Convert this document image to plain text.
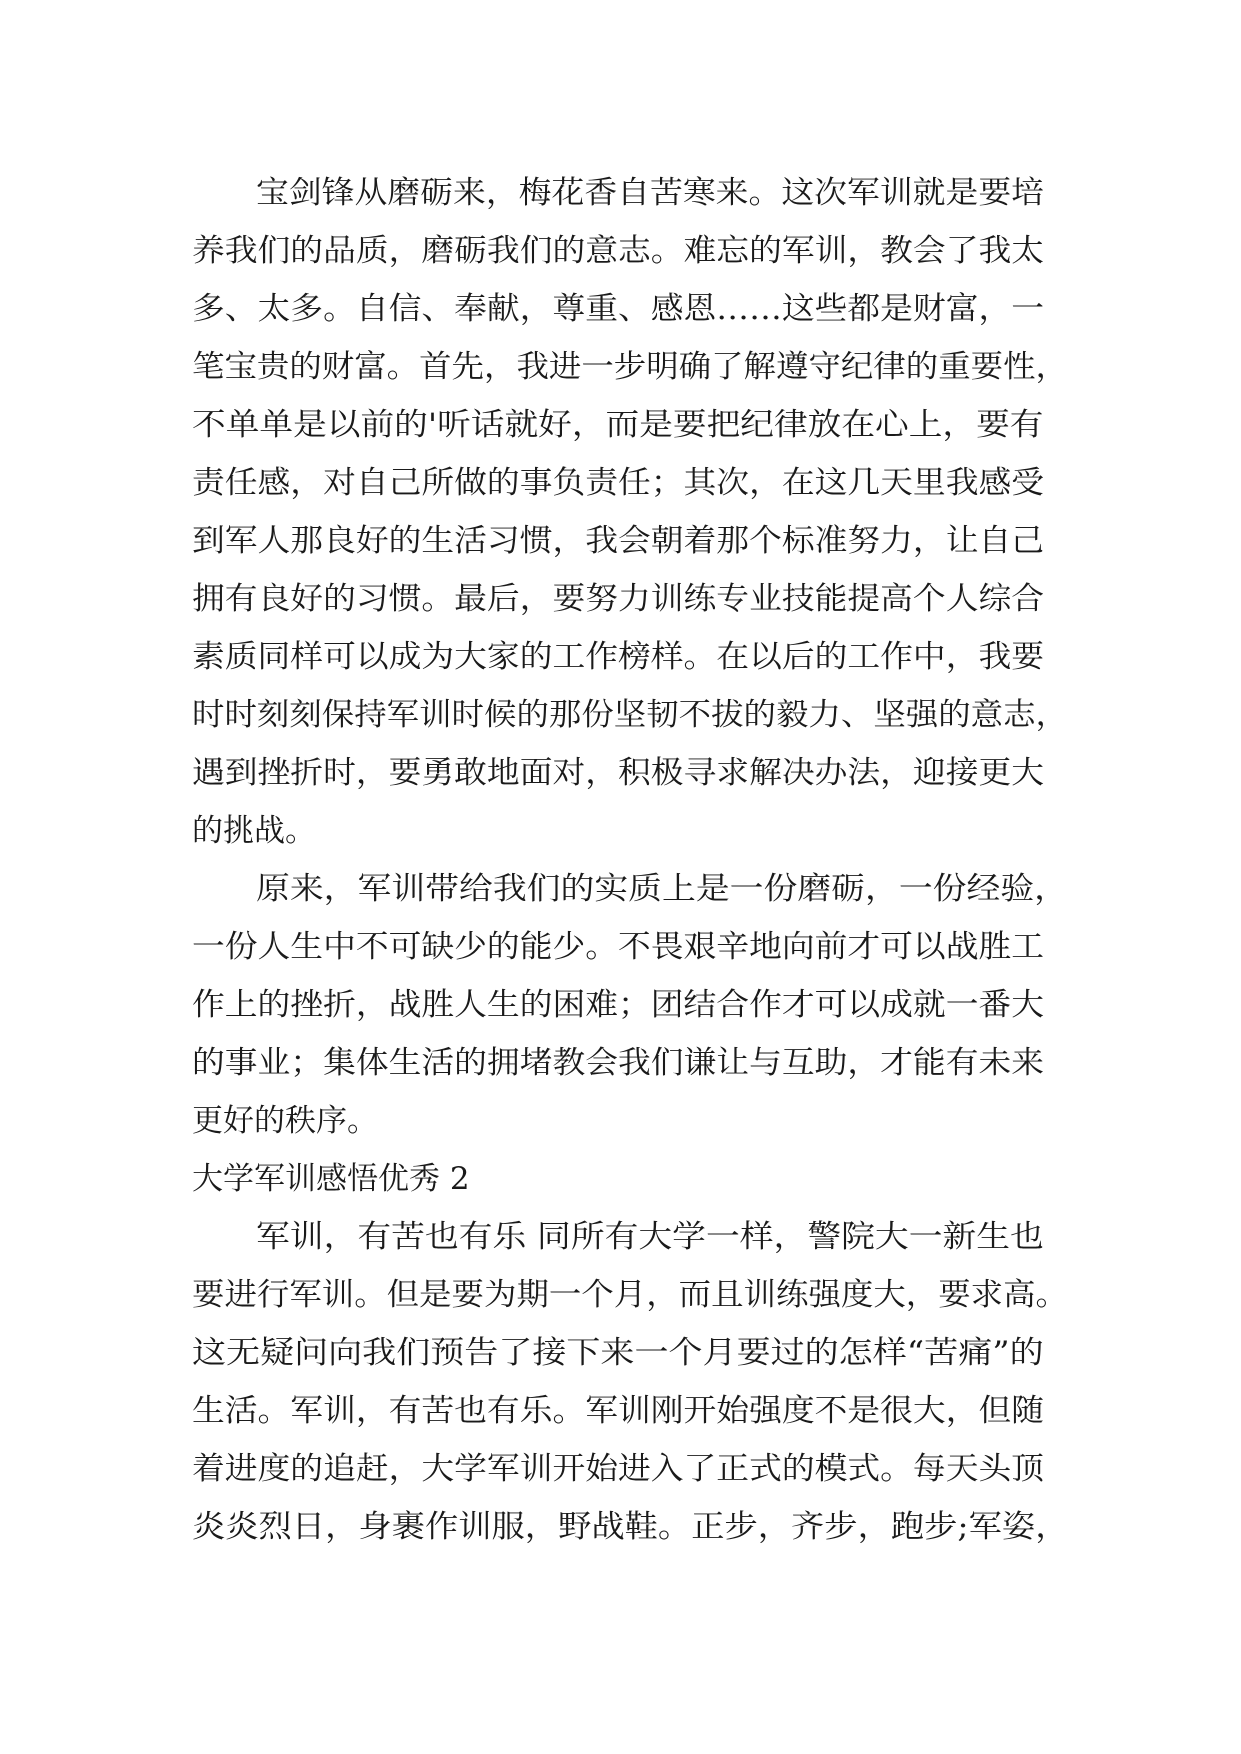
宝剑锋从磨砺来，梅花香自苦寒来。这次军训就是要培

养我们的品质，磨砺我们的意志。难忘的军训，教会了我太

多、太多。自信、奉献，尊重、感恩……这些都是财富，一

笔宝贵的财富。首先，我进一步明确了解遵守纪律的重要性，

不单单是以前的'听话就好，而是要把纪律放在心上，要有

责任感，对自己所做的事负责任；其次，在这几天里我感受

到军人那良好的生活习惯，我会朝着那个标准努力，让自己

拥有良好的习惯。最后，要努力训练专业技能提高个人综合

素质同样可以成为大家的工作榜样。在以后的工作中，我要

时时刻刻保持军训时候的那份坚韧不拔的毅力、坚强的意志，

遇到挫折时，要勇敢地面对，积极寻求解决办法，迎接更大

的挑战。

原来，军训带给我们的实质上是一份磨砺，一份经验，

一份人生中不可缺少的能少。不畏艰辛地向前才可以战胜工

作上的挫折，战胜人生的困难；团结合作才可以成就一番大

的事业；集体生活的拥堵教会我们谦让与互助，才能有未来

更好的秩序。

大学军训感悟优秀 2

军训，有苦也有乐 同所有大学一样，警院大一新生也

要进行军训。但是要为期一个月，而且训练强度大，要求高。

这无疑问向我们预告了接下来一个月要过的怎样“苦痛”的

生活。军训，有苦也有乐。军训刚开始强度不是很大，但随

着进度的追赶，大学军训开始进入了正式的模式。每天头顶

炎炎烈日，身裹作训服，野战鞋。正步，齐步，跑步;军姿，
